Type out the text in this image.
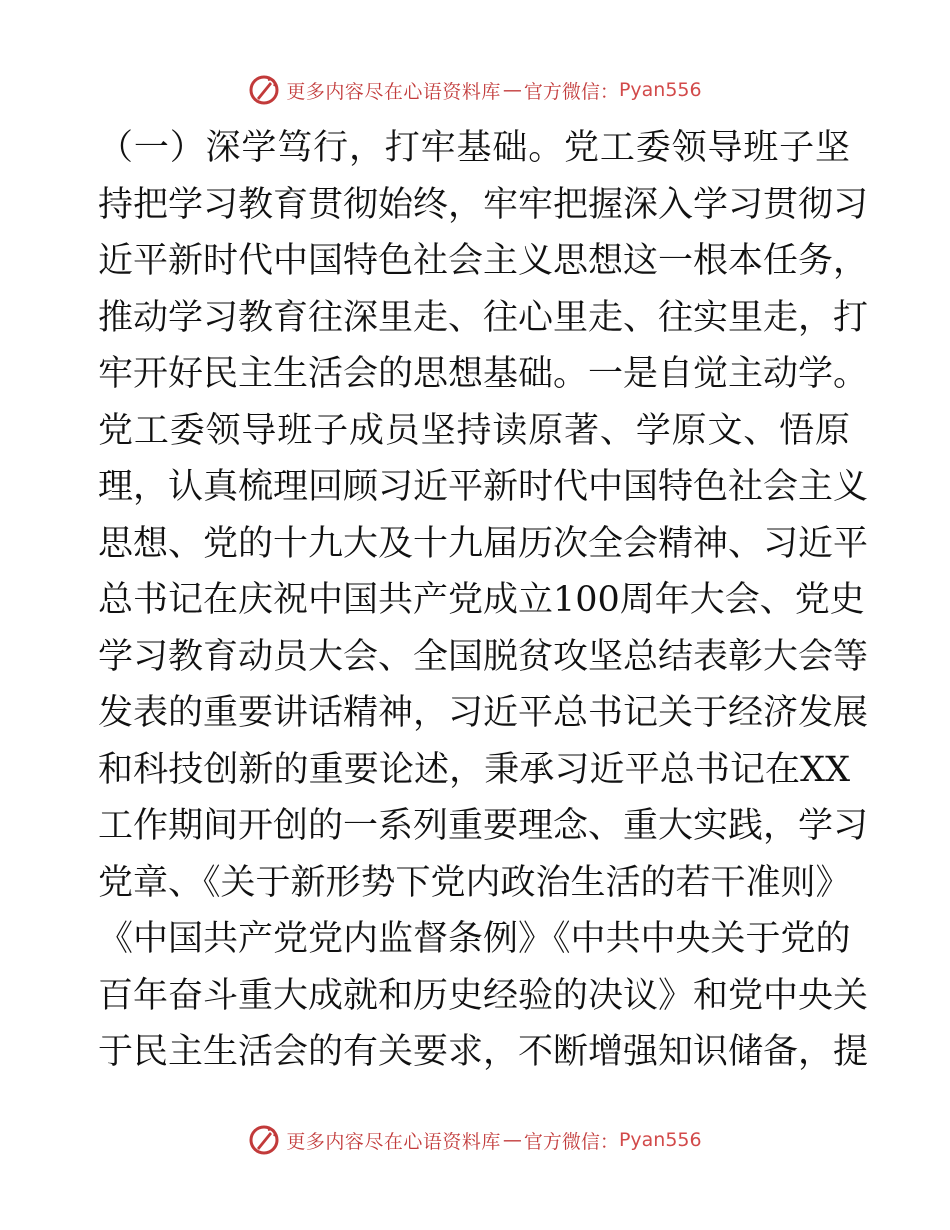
更多内容尽在心语资料库 — 官方微信： Pyan556
（一）深学笃行，打牢基础。党工委领导班子坚
持把学习教育贯彻始终，牢牢把握深入学习贯彻习
近平新时代中国特色社会主义思想这一根本任务，
推动学习教育往深里走、往心里走、往实里走，打
牢开好民主生活会的思想基础。一是自觉主动学。
党工委领导班子成员坚持读原著、学原文、悟原
理，认真梳理回顾习近平新时代中国特色社会主义
思想、党的十九大及十九届历次全会精神、习近平
总书记在庆祝中国共产党成立100周年大会、党史
学习教育动员大会、全国脱贫攻坚总结表彰大会等
发表的重要讲话精神，习近平总书记关于经济发展
和科技创新的重要论述，秉承习近平总书记在XX
工作期间开创的一系列重要理念、重大实践，学习
党章、《关于新形势下党内政治生活的若干准则》
《中国共产党党内监督条例》《中共中央关于党的
百年奋斗重大成就和历史经验的决议》和党中央关
于民主生活会的有关要求，不断增强知识储备，提
更多内容尽在心语资料库 — 官方微信： Pyan556
